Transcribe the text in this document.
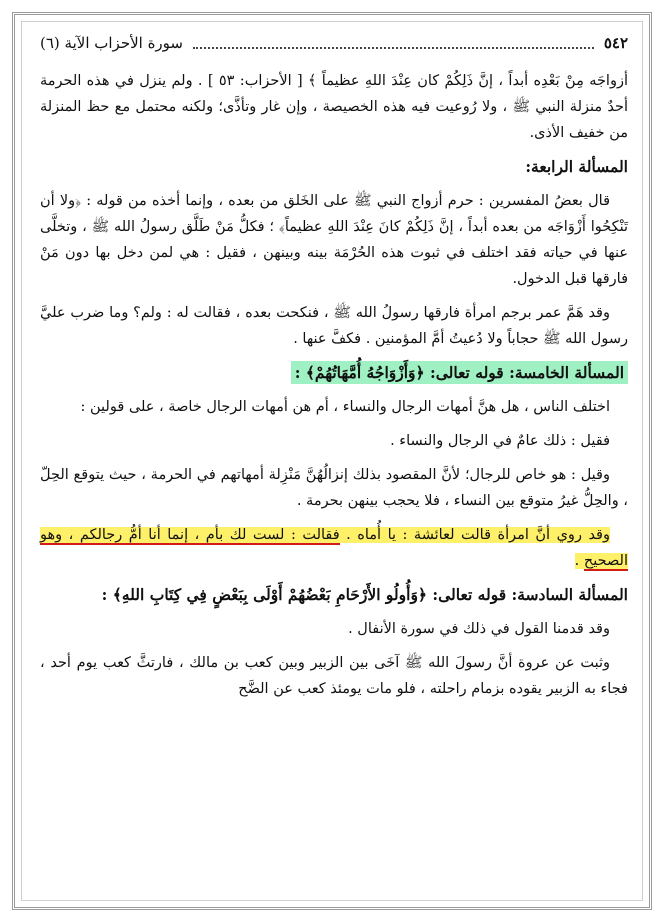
٥٤٢
سورة الأحزاب الآية (٦)

أزواجَه مِنْ بَعْدِه أبداً ، إنَّ ذَلِكُمْ كان عِنْدَ اللهِ عظيماً ﴾ [ الأحزاب: ٥٣ ] . ولم ينزل في هذه الحرمة أحدٌ منزلة النبي ﷺ ، ولا رُوعيت فيه هذه الخصيصة ، وإن غار وتأذَّى؛ ولكنه محتمل مع حظ المنزلة من خفيف الأذى.

المسألة الرابعة:

قال بعضُ المفسرين : حرم أزواج النبي ﷺ على الخَلق من بعده ، وإنما أخذه من قوله : ﴿ولا أن تَنْكِحُوا أَزْوَاجَه من بعده أبداً ، إنَّ ذَلِكُمْ كانَ عِنْدَ اللهِ عظيماً﴾ ؛ فكلُّ مَنْ طَلَّق رسولُ الله ﷺ ، وتخلَّى عنها في حياته فقد اختلف في ثبوت هذه الحُرْمَة بينه وبينهن ، فقيل : هي لمن دخل بها دون مَنْ فارقها قبل الدخول.

وقد هَمَّ عمر برجم امرأة فارقها رسولُ الله ﷺ ، فنكحت بعده ، فقالت له : ولم؟ وما ضرب عليَّ رسول الله ﷺ حجاباً ولا دُعيتُ أمَّ المؤمنين . فكفَّ عنها .

المسألة الخامسة: قوله تعالى: ﴿وَأَزْوَاجُهُ أُمَّهَاتُهُمْ﴾ :

اختلف الناس ، هل هنَّ أمهات الرجال والنساء ، أم هن أمهات الرجال خاصة ، على قولين :

فقيل : ذلك عامٌ في الرجال والنساء .

وقيل : هو خاص للرجال؛ لأنَّ المقصود بذلك إنزالُهُنَّ مَنْزِلة أمهاتهم في الحرمة ، حيث يتوقع الحِلّ ، والحِلُّ غيرُ متوقع بين النساء ، فلا يحجب بينهن بحرمة .

وقد روي أنَّ امرأة قالت لعائشة : يا أُماه . فقالت : لست لك بأم ، إنما أنا أمُّ رجالكم ، وهو الصحيح .

المسألة السادسة: قوله تعالى: ﴿وَأُولُو الأَرْحَامِ بَعْضُهُمْ أَوْلَى بِبَعْضٍ فِي كِتَابِ اللهِ﴾ :

وقد قدمنا القول في ذلك في سورة الأنفال .

وثبت عن عروة أنَّ رسولَ الله ﷺ آخَى بين الزبير وبين كعب بن مالك ، فارتثَّ كعب يوم أحد ، فجاء به الزبير يقوده بزمام راحلته ، فلو مات يومئذ كعب عن الضَّح
